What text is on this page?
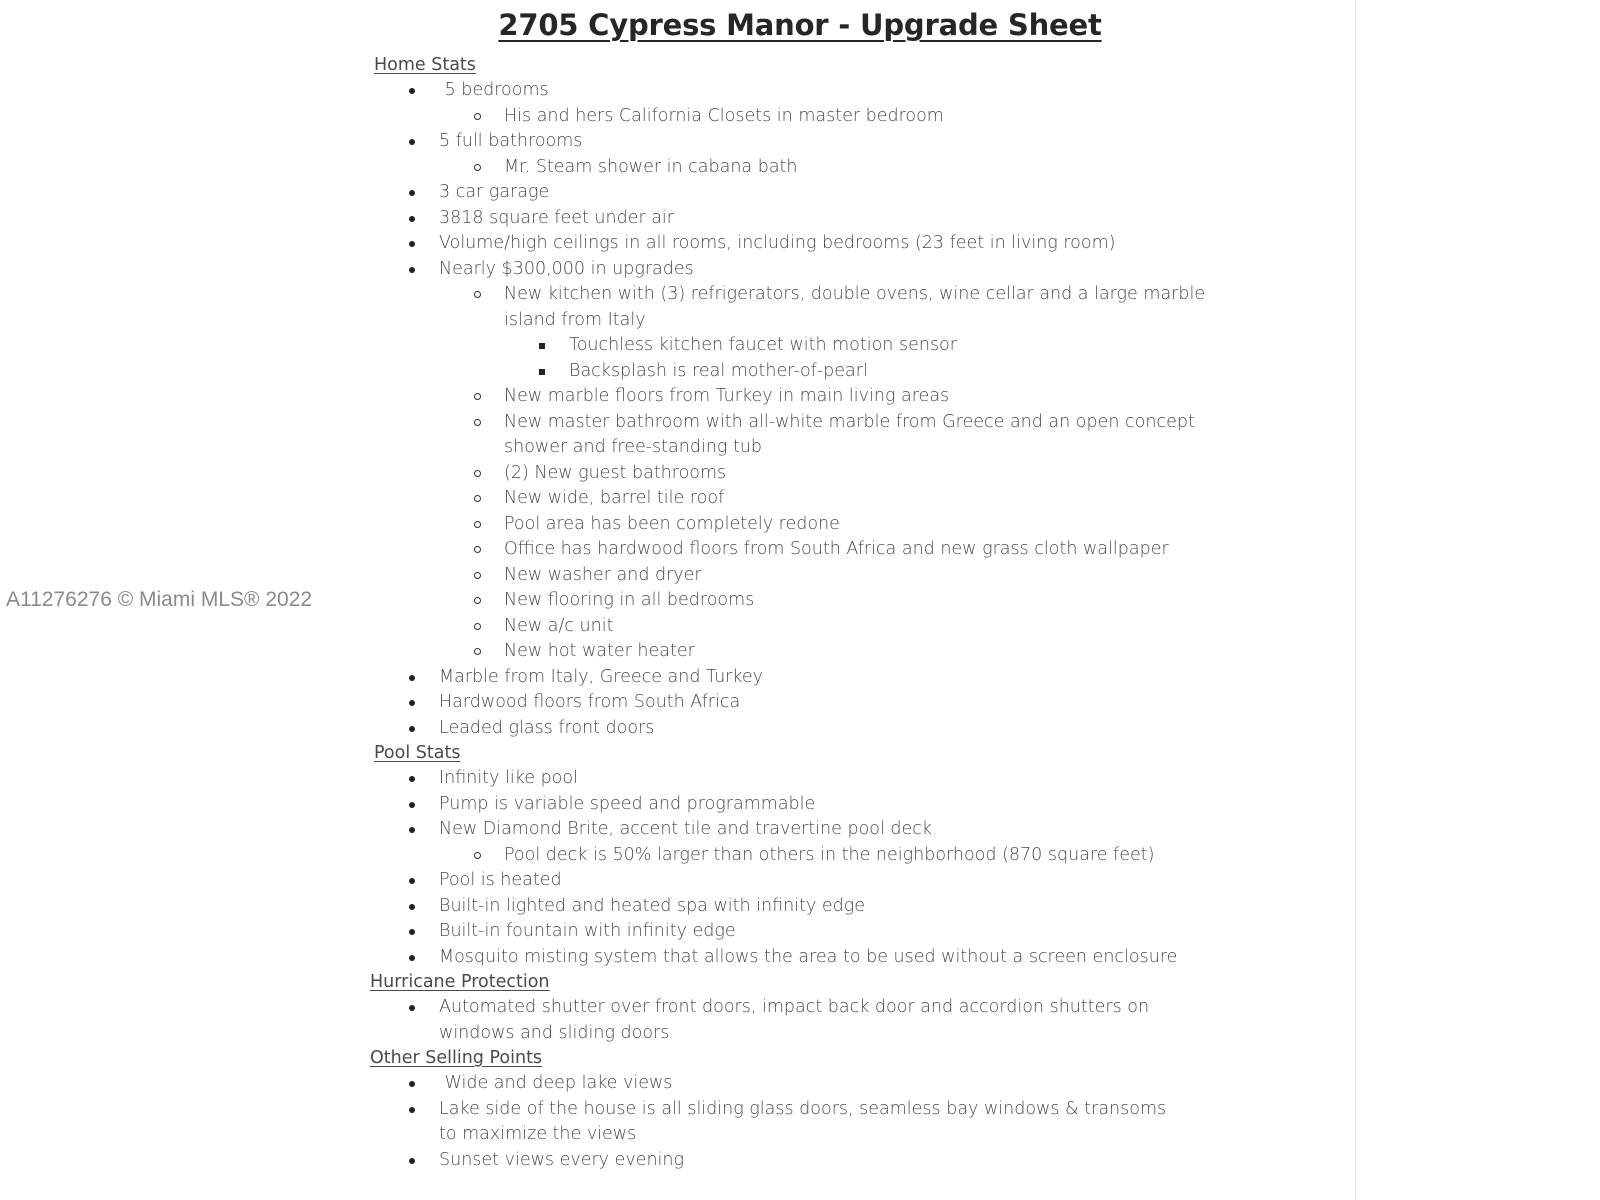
A11276276 © Miami MLS® 2022
2705 Cypress Manor - Upgrade Sheet

Home Stats

5 bedrooms
His and hers California Closets in master bedroom
5 full bathrooms
Mr. Steam shower in cabana bath
3 car garage
3818 square feet under air
Volume/high ceilings in all rooms, including bedrooms (23 feet in living room)
Nearly $300,000 in upgrades
New kitchen with (3) refrigerators, double ovens, wine cellar and a large marble island from Italy
Touchless kitchen faucet with motion sensor
Backsplash is real mother-of-pearl
New marble floors from Turkey in main living areas
New master bathroom with all-white marble from Greece and an open concept shower and free-standing tub
(2) New guest bathrooms
New wide, barrel tile roof
Pool area has been completely redone
Office has hardwood floors from South Africa and new grass cloth wallpaper
New washer and dryer
New flooring in all bedrooms
New a/c unit
New hot water heater
Marble from Italy, Greece and Turkey
Hardwood floors from South Africa
Leaded glass front doors

Pool Stats

Infinity like pool
Pump is variable speed and programmable
New Diamond Brite, accent tile and travertine pool deck
Pool deck is 50% larger than others in the neighborhood (870 square feet)
Pool is heated
Built-in lighted and heated spa with infinity edge
Built-in fountain with infinity edge
Mosquito misting system that allows the area to be used without a screen enclosure

Hurricane Protection

Automated shutter over front doors, impact back door and accordion shutters on windows and sliding doors

Other Selling Points

Wide and deep lake views
Lake side of the house is all sliding glass doors, seamless bay windows & transoms to maximize the views
Sunset views every evening
